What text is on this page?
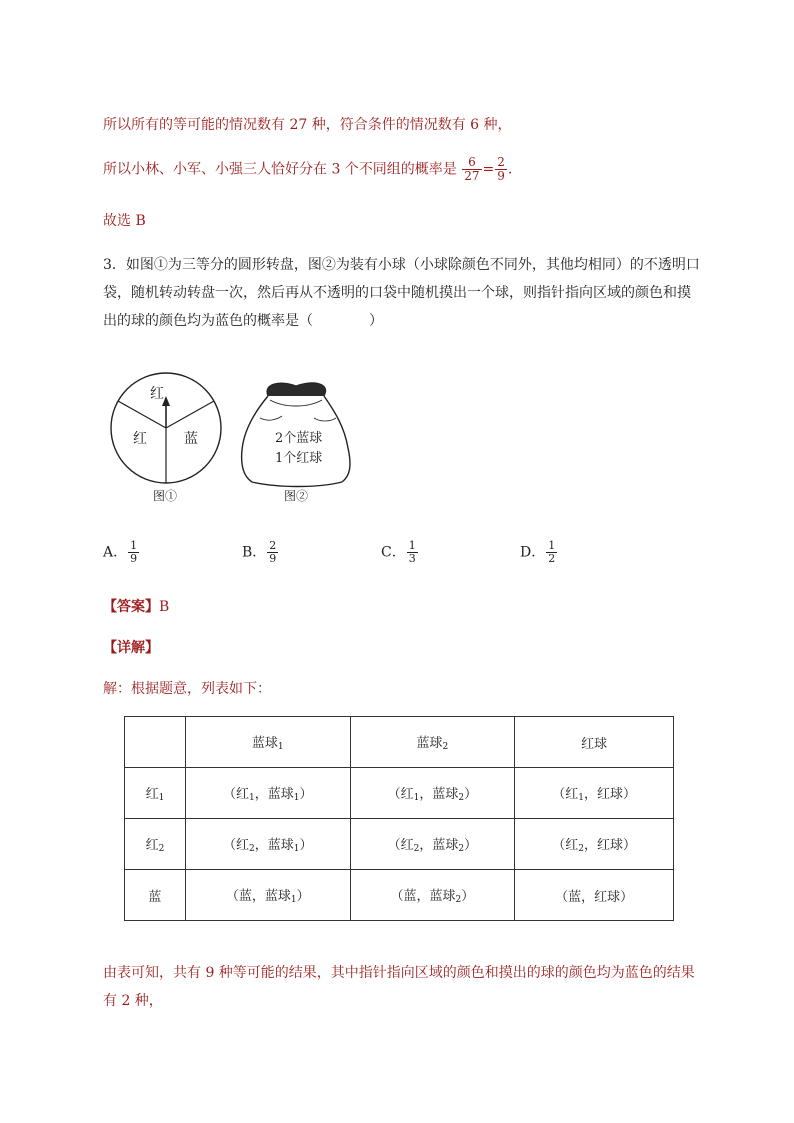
所以所有的等可能的情况数有 27 种，符合条件的情况数有 6 种，
所以小林、小军、小强三人恰好分在 3 个不同组的概率是 $\frac{6}{27} = \frac{2}{9}$ .
故选 B
3．如图①为三等分的圆形转盘，图②为装有小球（小球除颜色不同外，其他均相同）的不透明口
袋，随机转动转盘一次，然后再从不透明的口袋中随机摸出一个球，则指针指向区域的颜色和摸
出的球的颜色均为蓝色的概率是（　　　　）
红
红	蓝
图①
2个蓝球
1个红球
图②
A． $\frac{1}{9}$	B． $\frac{2}{9}$	C． $\frac{1}{3}$	D． $\frac{1}{2}$
【答案】B
【详解】
解：根据题意，列表如下：
	蓝球$_1$	蓝球$_2$	红球
红$_1$	（红$_1$，蓝球$_1$）	（红$_1$，蓝球$_2$）	（红$_1$，红球）
红$_2$	（红$_2$，蓝球$_1$）	（红$_2$，蓝球$_2$）	（红$_2$，红球）
蓝	（蓝，蓝球$_1$）	（蓝，蓝球$_2$）	（蓝，红球）
由表可知，共有 9 种等可能的结果，其中指针指向区域的颜色和摸出的球的颜色均为蓝色的结果
有 2 种，
